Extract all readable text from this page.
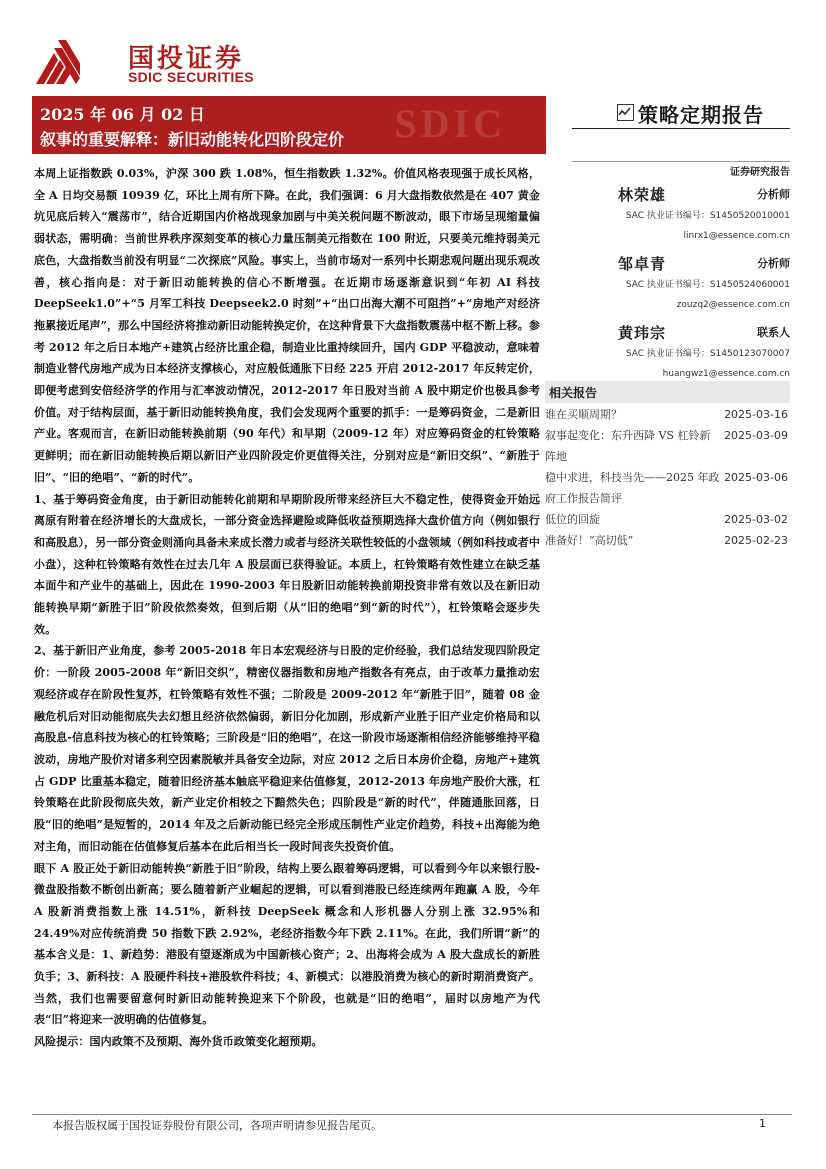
国投证券
SDIC SECURITIES
SDIC
2025 年 06 月 02 日
叙事的重要解释：新旧动能转化四阶段定价
策略定期报告
证券研究报告
林荣雄	分析师
SAC 执业证书编号：S1450520010001
linrx1@essence.com.cn
邹卓青	分析师
SAC 执业证书编号：S1450524060001
zouzq2@essence.com.cn
黄玮宗	联系人
SAC 执业证书编号：S1450123070007
huangwz1@essence.com.cn
相关报告
谁在买顺周期？	2025-03-16
叙事起变化：东升西降 VS 杠铃新阵地
2025-03-09
稳中求进，科技当先——2025 年政府工作报告简评
2025-03-06
低位的回旋	2025-03-02
准备好！“高切低”	2025-02-23

本周上证指数跌 0.03%，沪深 300 跌 1.08%，恒生指数跌 1.32%。价值风格表现强于成长风格，全 A 日均交易额 10939 亿，环比上周有所下降。在此，我们强调：6 月大盘指数依然是在 407 黄金坑见底后转入“震荡市”，结合近期国内价格战现象加剧与中美关税问题不断波动，眼下市场呈现缩量偏弱状态，需明确：当前世界秩序深刻变革的核心力量压制美元指数在 100 附近，只要美元维持弱美元底色，大盘指数当前没有明显“二次探底”风险。事实上，当前市场对一系列中长期悲观问题出现乐观改善，核心指向是：对于新旧动能转换的信心不断增强。在近期市场逐渐意识到“年初 AI 科技 DeepSeek1.0”+“5 月军工科技 Deepseek2.0 时刻”+“出口出海大潮不可阻挡”+“房地产对经济拖累接近尾声”，那么中国经济将推动新旧动能转换定价，在这种背景下大盘指数震荡中枢不断上移。参考 2012 年之后日本地产+建筑占经济比重企稳，制造业比重持续回升，国内 GDP 平稳波动，意味着制造业替代房地产成为日本经济支撑核心，对应般低通胀下日经 225 开启 2012-2017 年反转定价，即便考虑到安倍经济学的作用与汇率波动情况，2012-2017 年日股对当前 A 股中期定价也极具参考价值。对于结构层面，基于新旧动能转换角度，我们会发现两个重要的抓手：一是筹码资金，二是新旧产业。客观而言，在新旧动能转换前期（90 年代）和早期（2009-12 年）对应筹码资金的杠铃策略更鲜明；而在新旧动能转换后期以新旧产业四阶段定价更值得关注，分别对应是“新旧交织”、“新胜于旧”、“旧的绝唱”、“新的时代”。

1、基于筹码资金角度，由于新旧动能转化前期和早期阶段所带来经济巨大不稳定性，使得资金开始远离原有附着在经济增长的大盘成长，一部分资金选择避险或降低收益预期选择大盘价值方向（例如银行和高股息），另一部分资金则涌向具备未来成长潜力或者与经济关联性较低的小盘领域（例如科技或者中小盘），这种杠铃策略有效性在过去几年 A 股层面已获得验证。本质上，杠铃策略有效性建立在缺乏基本面牛和产业牛的基础上，因此在 1990-2003 年日股新旧动能转换前期投资非常有效以及在新旧动能转换早期“新胜于旧”阶段依然奏效，但到后期（从“旧的绝唱”到“新的时代”），杠铃策略会逐步失效。

2、基于新旧产业角度，参考 2005-2018 年日本宏观经济与日股的定价经验，我们总结发现四阶段定价：一阶段 2005-2008 年“新旧交织”，精密仪器指数和房地产指数各有亮点，由于改革力量推动宏观经济或存在阶段性复苏，杠铃策略有效性不强；二阶段是 2009-2012 年“新胜于旧”，随着 08 金融危机后对旧动能彻底失去幻想且经济依然偏弱，新旧分化加剧，形成新产业胜于旧产业定价格局和以高股息-信息科技为核心的杠铃策略；三阶段是“旧的绝唱”，在这一阶段市场逐渐相信经济能够维持平稳波动，房地产股价对诸多利空因素脱敏并具备安全边际，对应 2012 之后日本房价企稳，房地产+建筑占 GDP 比重基本稳定，随着旧经济基本触底平稳迎来估值修复，2012-2013 年房地产股价大涨，杠铃策略在此阶段彻底失效，新产业定价相较之下黯然失色；四阶段是“新的时代”，伴随通胀回落，日股“旧的绝唱”是短暂的，2014 年及之后新动能已经完全形成压制性产业定价趋势，科技+出海能为绝对主角，而旧动能在估值修复后基本在此后相当长一段时间丧失投资价值。

眼下 A 股正处于新旧动能转换“新胜于旧”阶段，结构上要么跟着筹码逻辑，可以看到今年以来银行股-微盘股指数不断创出新高；要么随着新产业崛起的逻辑，可以看到港股已经连续两年跑赢 A 股，今年 A 股新消费指数上涨 14.51%，新科技 DeepSeek 概念和人形机器人分别上涨 32.95%和 24.49%对应传统消费 50 指数下跌 2.92%，老经济指数今年下跌 2.11%。在此，我们所谓“新”的基本含义是：1、新趋势：港股有望逐渐成为中国新核心资产；2、出海将会成为 A 股大盘成长的新胜负手；3、新科技：A 股硬件科技+港股软件科技；4、新模式：以港股消费为核心的新时期消费资产。当然，我们也需要留意何时新旧动能转换迎来下个阶段，也就是“旧的绝唱”，届时以房地产为代表“旧”将迎来一波明确的估值修复。

风险提示：国内政策不及预期、海外货币政策变化超预期。

本报告版权属于国投证券股份有限公司，各项声明请参见报告尾页。	1
